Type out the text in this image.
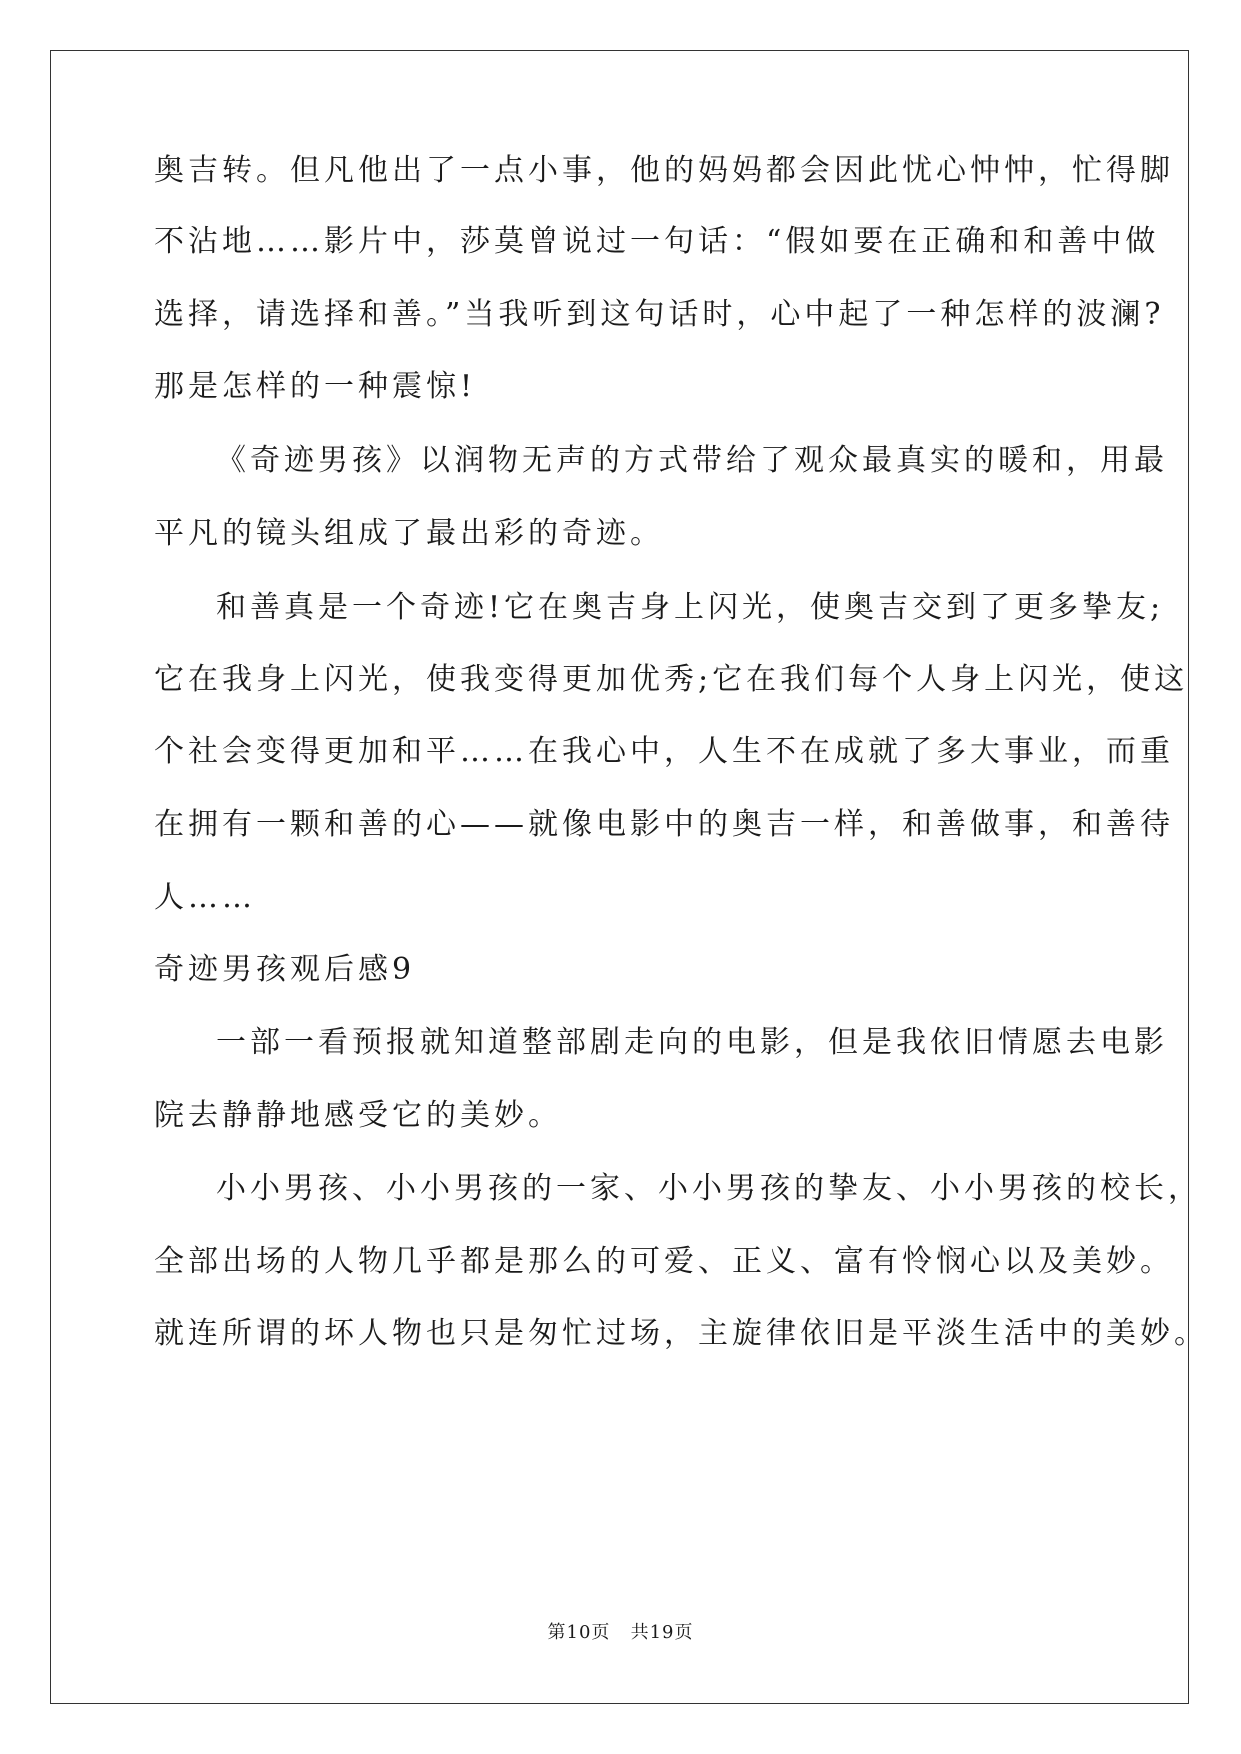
奥吉转。但凡他出了一点小事，他的妈妈都会因此忧心忡忡，忙得脚
不沾地……影片中，莎莫曾说过一句话：“假如要在正确和和善中做
选择，请选择和善。”当我听到这句话时，心中起了一种怎样的波澜?
那是怎样的一种震惊!
《奇迹男孩》以润物无声的方式带给了观众最真实的暖和，用最
平凡的镜头组成了最出彩的奇迹。
和善真是一个奇迹!它在奥吉身上闪光，使奥吉交到了更多挚友;
它在我身上闪光，使我变得更加优秀;它在我们每个人身上闪光，使这
个社会变得更加和平……在我心中，人生不在成就了多大事业，而重
在拥有一颗和善的心——就像电影中的奥吉一样，和善做事，和善待
人……
奇迹男孩观后感9
一部一看预报就知道整部剧走向的电影，但是我依旧情愿去电影
院去静静地感受它的美妙。
小小男孩、小小男孩的一家、小小男孩的挚友、小小男孩的校长，
全部出场的人物几乎都是那么的可爱、正义、富有怜悯心以及美妙。
就连所谓的坏人物也只是匆忙过场，主旋律依旧是平淡生活中的美妙。
第10页 共19页
